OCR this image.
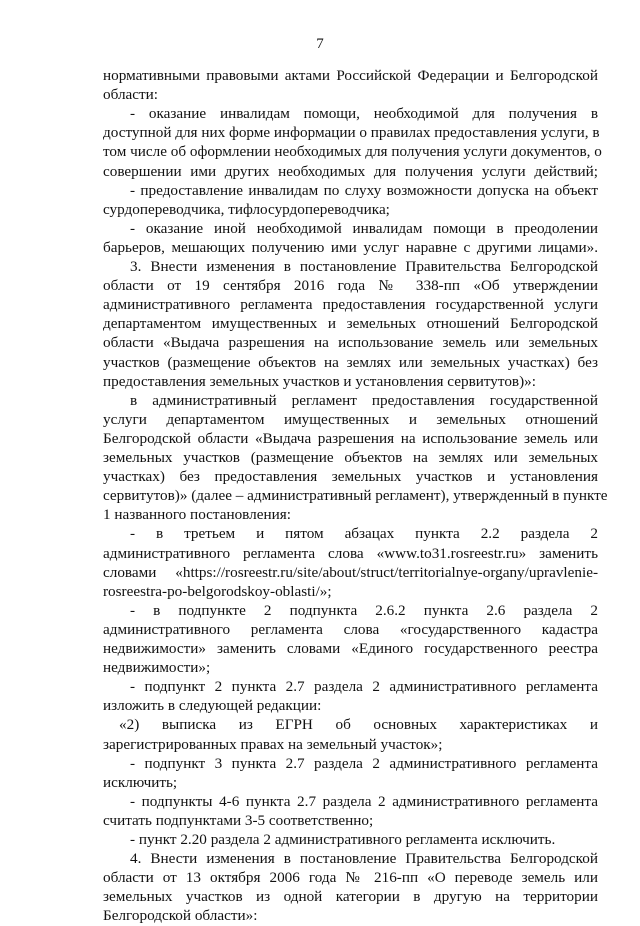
7
нормативными правовыми актами Российской Федерации и Белгородской
области:
- оказание инвалидам помощи, необходимой для получения в
доступной для них форме информации о правилах предоставления услуги, в
том числе об оформлении необходимых для получения услуги документов, о
совершении ими других необходимых для получения услуги действий;
- предоставление инвалидам по слуху возможности допуска на объект
сурдопереводчика, тифлосурдопереводчика;
- оказание иной необходимой инвалидам помощи в преодолении
барьеров, мешающих получению ими услуг наравне с другими лицами».
3. Внести изменения в постановление Правительства Белгородской
области от 19 сентября 2016 года № 338-пп «Об утверждении
административного регламента предоставления государственной услуги
департаментом имущественных и земельных отношений Белгородской
области «Выдача разрешения на использование земель или земельных
участков (размещение объектов на землях или земельных участках) без
предоставления земельных участков и установления сервитутов)»:
в административный регламент предоставления государственной
услуги департаментом имущественных и земельных отношений
Белгородской области «Выдача разрешения на использование земель или
земельных участков (размещение объектов на землях или земельных
участках) без предоставления земельных участков и установления
сервитутов)» (далее – административный регламент), утвержденный в пункте
1 названного постановления:
- в третьем и пятом абзацах пункта 2.2 раздела 2
административного регламента слова «www.to31.rosreestr.ru» заменить
словами «https://rosreestr.ru/site/about/struct/territorialnye-organy/upravlenie-
rosreestra-po-belgorodskoy-oblasti/»;
- в подпункте 2 подпункта 2.6.2 пункта 2.6 раздела 2
административного регламента слова «государственного кадастра
недвижимости» заменить словами «Единого государственного реестра
недвижимости»;
- подпункт 2 пункта 2.7 раздела 2 административного регламента
изложить в следующей редакции:
«2) выписка из ЕГРН об основных характеристиках и
зарегистрированных правах на земельный участок»;
- подпункт 3 пункта 2.7 раздела 2 административного регламента
исключить;
- подпункты 4-6 пункта 2.7 раздела 2 административного регламента
считать подпунктами 3-5 соответственно;
- пункт 2.20 раздела 2 административного регламента исключить.
4. Внести изменения в постановление Правительства Белгородской
области от 13 октября 2006 года № 216-пп «О переводе земель или
земельных участков из одной категории в другую на территории
Белгородской области»:
